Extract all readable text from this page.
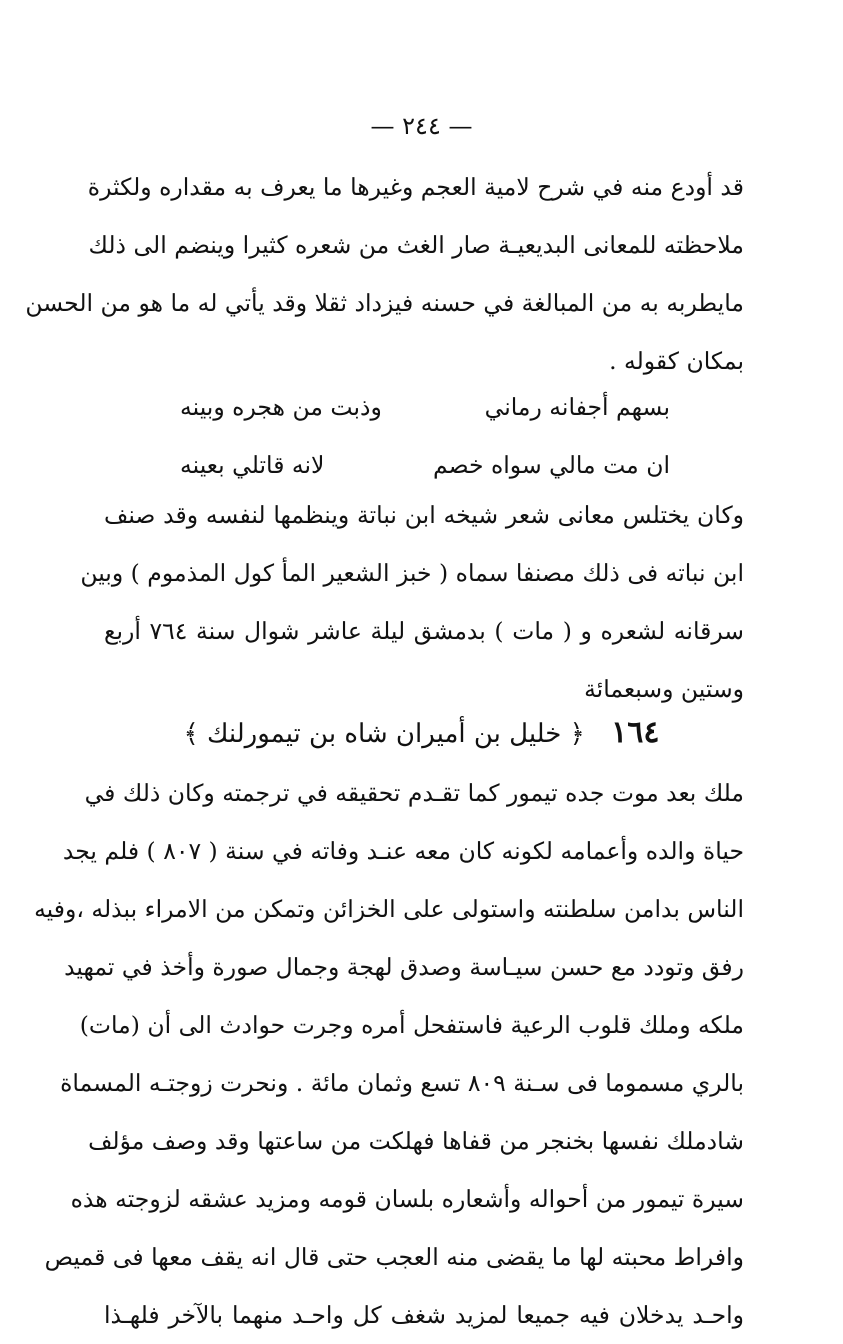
— ٢٤٤ —
قد أودع منه في شرح لامية العجم وغيرها ما يعرف به مقداره ولكثرة
ملاحظته للمعانى البديعيـة صار الغث من شعره كثيرا وينضم الى ذلك
مايطربه به من المبالغة في حسنه فيزداد ثقلا وقد يأتي له ما هو من الحسن
بمكان كقوله .
بسهم أجفانه رماني
وذبت من هجره وبينه
ان مت مالي سواه خصم
لانه قاتلي بعينه
وكان يختلس معانى شعر شيخه ابن نباتة وينظمها لنفسه وقد صنف
ابن نباته فى ذلك مصنفا سماه ( خبز الشعير المأ كول المذموم ) وبين
سرقانه لشعره و ( مات ) بدمشق ليلة عاشر شوال سنة ٧٦٤ أربع
وستين وسبعمائة
١٦٤ ﴿ خليل بن أميران شاه بن تيمورلنك ﴾
ملك بعد موت جده تيمور كما تقـدم تحقيقه في ترجمته وكان ذلك في
حياة والده وأعمامه لكونه كان معه عنـد وفاته في سنة ( ٨٠٧ ) فلم يجد
الناس بدامن سلطنته واستولى على الخزائن وتمكن من الامراء ببذله ،وفيه
رفق وتودد مع حسن سيـاسة وصدق لهجة وجمال صورة وأخذ في تمهيد
ملكه وملك قلوب الرعية فاستفحل أمره وجرت حوادث الى أن (مات)
بالري مسموما فى سـنة ٨٠٩ تسع وثمان مائة . ونحرت زوجتـه المسماة
شادملك نفسها بخنجر من قفاها فهلكت من ساعتها وقد وصف مؤلف
سيرة تيمور من أحواله وأشعاره بلسان قومه ومزيد عشقه لزوجته هذه
وافراط محبته لها ما يقضى منه العجب حتى قال انه يقف معها فى قميص
واحـد يدخلان فيه جميعا لمزيد شغف كل واحـد منهما بالآخر فلهـذا
